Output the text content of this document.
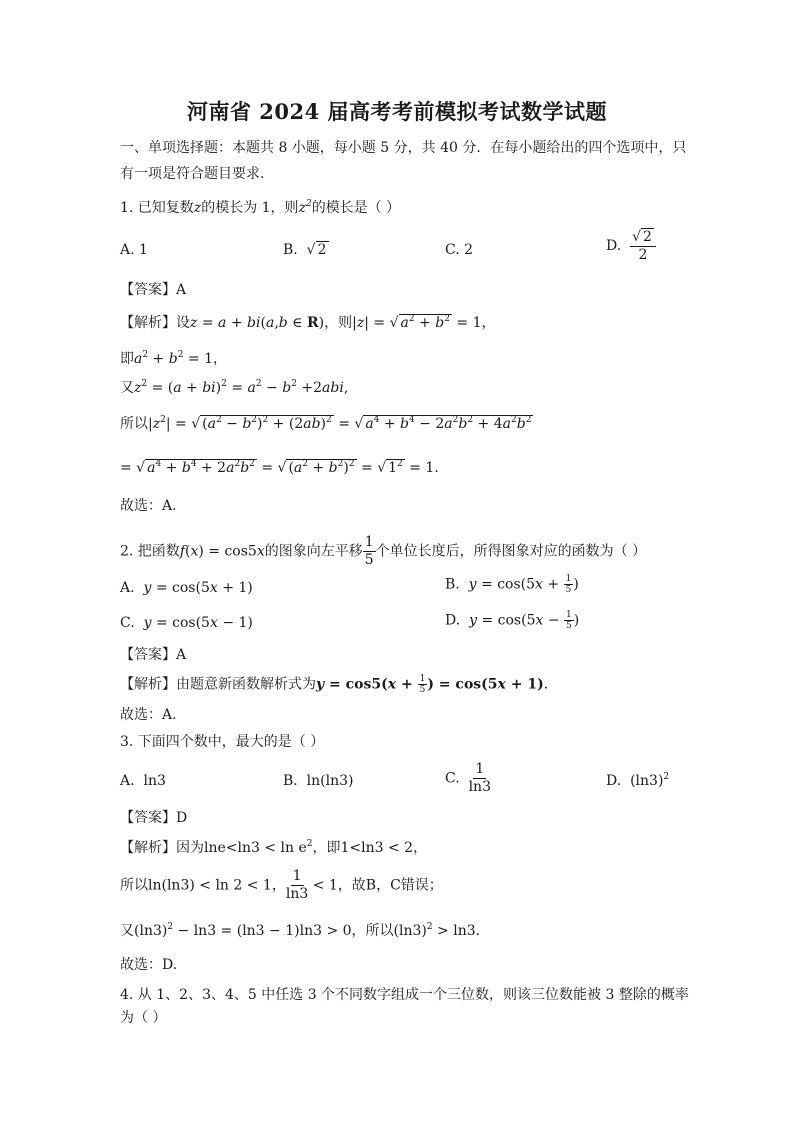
河南省 2024 届高考考前模拟考试数学试题
一、单项选择题：本题共 8 小题，每小题 5 分，共 40 分．在每小题给出的四个选项中，只
有一项是符合题目要求．
1. 已知复数z的模长为 1，则$z^2$的模长是（ ）
A. 1	B. √ 2	C. 2	D. $\frac{√ 2}{2}$
【答案】A
【解析】设z = a + bi(a,b ∈ R)，则|z| = √ $a^2 + b^2 = 1$，
即$a^2 + b^2 = 1$，
又$z^2 = (a + bi)^2 = a^2 - b^2 +2abi$,
所以$|z^2|$ = √ $(a^2 - b^2)^2 + (2ab)^2$ = √ $a^4 + b^4 - 2a^2b^2 + 4a^2b^2$
= √ $a^4 + b^4 + 2a^2b^2$ = √ $(a^2 + b^2)^2$ = √ $1^2 = 1$.
故选：A.
2. 把函数f(x) = cos5x的图象向左平移 $\frac{1}{5}$ 个单位长度后，所得图象对应的函数为（ ）
A. y = cos(5x + 1)	B. $y = \cos(5x + \frac{1}{5}$ )
C. y = cos(5x − 1)	D. $y = \cos(5x - \frac{1}{5}$ )
【答案】A
【解析】由题意新函数解析式为$y = \cos 5(x + \frac{1}{5}$ ) = cos(5x + 1).
故选：A.
3. 下面四个数中，最大的是（ ）
A. ln3	B. ln(ln3)	C. $\frac{1}{\ln 3}$	D. $(\ln 3)^2$
【答案】D
【解析】因为$\ln e<\ln 3 < \ln e^2$，即1<ln3 < 2，
所以ln(ln3) < ln 2 < 1， $\frac{1}{\ln 3} < 1$，故B，C错误；
又$(\ln 3)^2 - \ln 3 = (\ln 3 - 1)\ln 3 > 0$，所以$(\ln 3)^2 > \ln 3$.
故选：D.
4. 从 1、2、3、4、5 中任选 3 个不同数字组成一个三位数，则该三位数能被 3 整除的概率
为（ ）
